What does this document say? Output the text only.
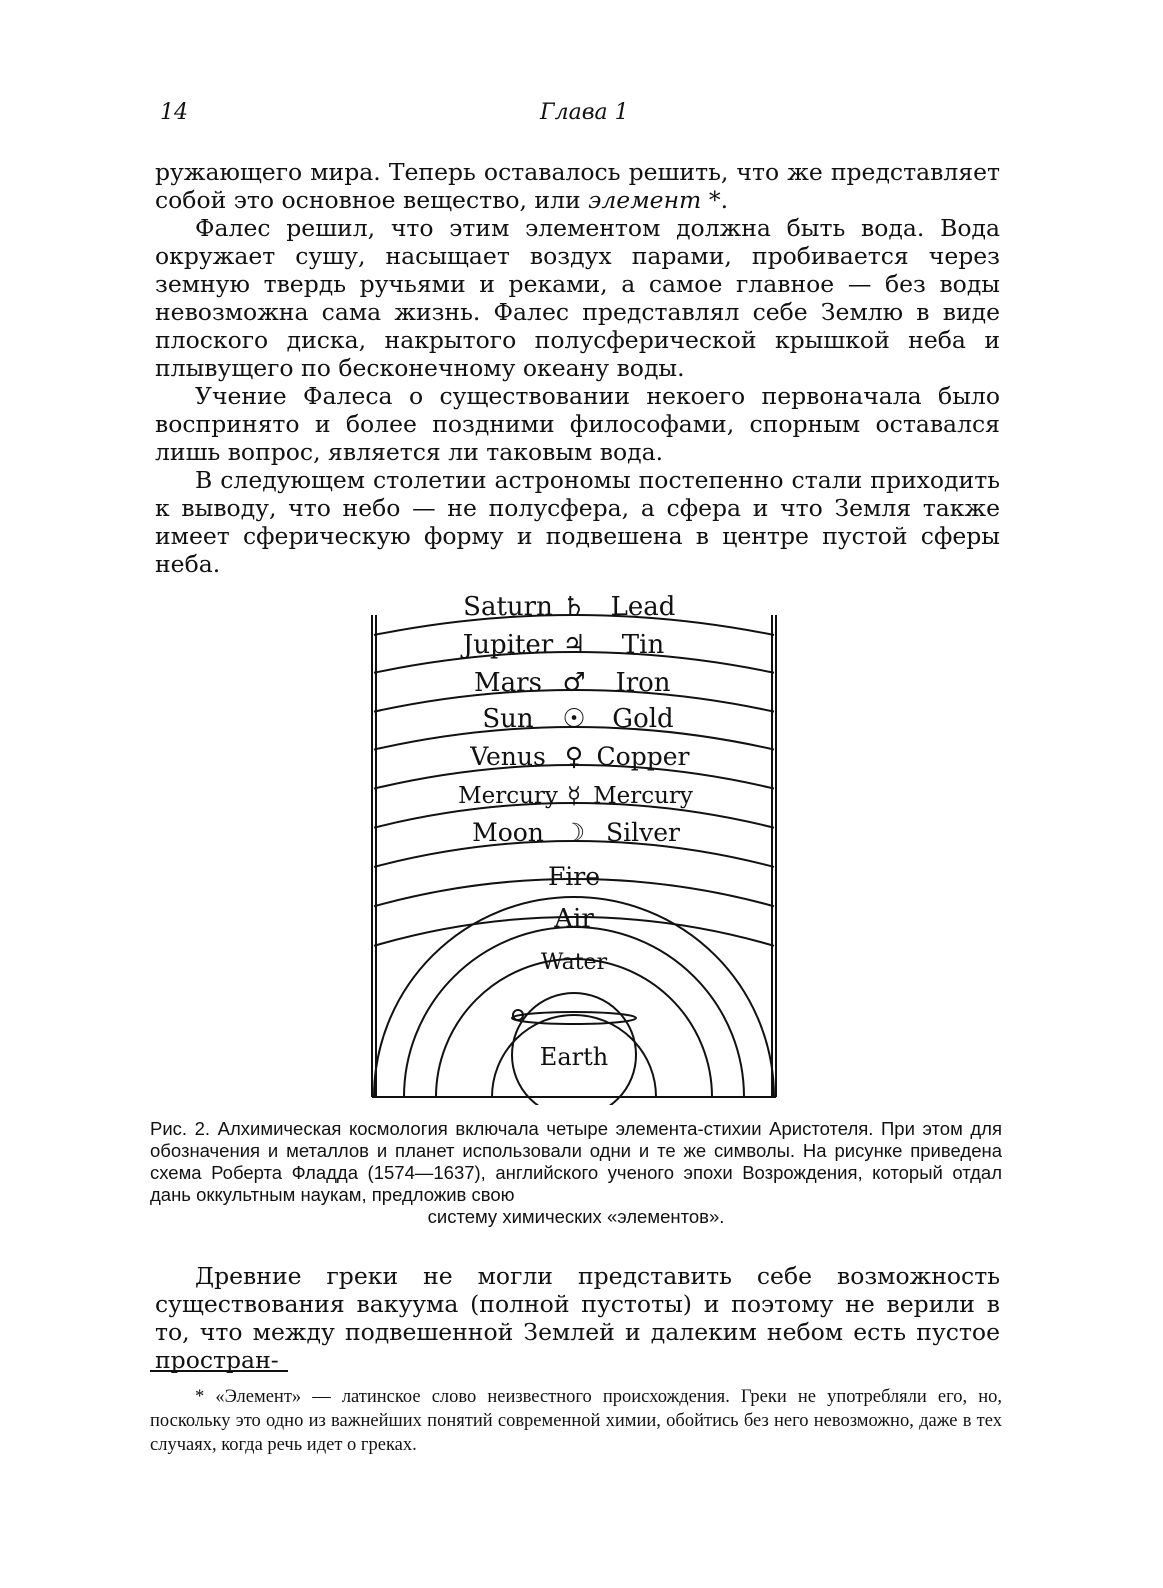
14	Глава 1

ружающего мира. Теперь оставалось решить, что же представляет собой это основное вещество, или элемент *.

Фалес решил, что этим элементом должна быть вода. Вода окружает сушу, насыщает воздух парами, пробивается через земную твердь ручьями и реками, а самое главное — без воды невозможна сама жизнь. Фалес представлял себе Землю в виде плоского диска, накрытого полусферической крышкой неба и плывущего по бесконечному океану воды.

Учение Фалеса о существовании некоего первоначала было воспринято и более поздними философами, спорным оставался лишь вопрос, является ли таковым вода.

В следующем столетии астрономы постепенно стали приходить к выводу, что небо — не полусфера, а сфера и что Земля также имеет сферическую форму и подвешена в центре пустой сферы неба.

Saturn ♄ Lead
Jupiter ♃ Tin
Mars ♂ Iron
Sun ☉ Gold
Venus ♀ Copper
Mercury ☿ Mercury
Moon ☽ Silver
Fire
Air
Water
Earth
Рис. 2. Алхимическая космология включала четыре элемента-стихии Аристотеля. При этом для обозначения и металлов и планет использовали одни и те же символы. На рисунке приведена схема Роберта Фладда (1574—1637), английского ученого эпохи Возрождения, который отдал дань оккультным наукам, предложив свою
систему химических «элементов».

Древние греки не могли представить себе возможность существования вакуума (полной пустоты) и поэтому не верили в то, что между подвешенной Землей и далеким небом есть пустое простран-

* «Элемент» — латинское слово неизвестного происхождения. Греки не употребляли его, но, поскольку это одно из важнейших понятий современной химии, обойтись без него невозможно, даже в тех случаях, когда речь идет о греках.
